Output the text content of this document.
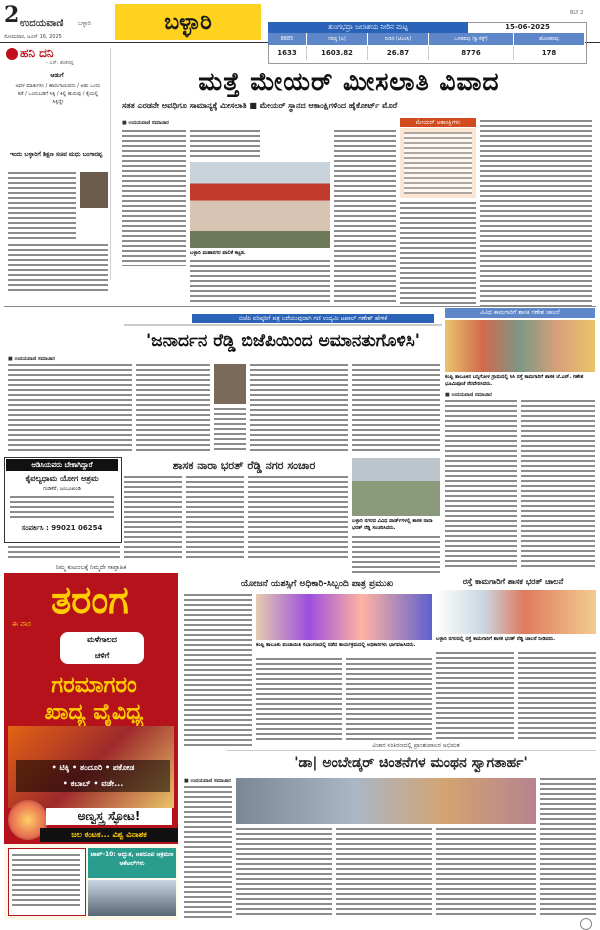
2 ಉದಯವಾಣಿ ಬಳ್ಳಾರಿ
ಸೋಮವಾರ, ಜೂನ್ 16, 2025
ಬಳ್ಳಾರಿ	BLY 2
ತುಂಗಭದ್ರಾ ಜಲಾಶಯ ನೀರಿನ ಮಟ್ಟ	15-06-2025
8885	ಗರಿಷ್ಠ (ಅ)	ನೀರಿನ (ಟಿಎಂಸಿ)	ಒಳಹರಿವು (ಕ್ಯುಸೆಕ್ಸ್)	ಹೊರಹರಿವು
1633	1603.82	26.87	8776	178
ಹನಿ ದನಿ
- ಎನ್. ಶಂಕರಪ್ಪ
ಆಡುಗೆ
ಅವಳ ಮಾತುಗಳು / ಹಾರುಗಾಣುವನು / ಆಡು ಒಂದು ಕಡೆ / ಒಂದುಬಡಿಗೆ ಸಿಕ್ಕಿ / ಕಿಲ್ಲಿ ಹುರುವು / ಕೈಯಲ್ಲಿ ಸಿಕ್ಕಿದ್ದೇ
ಇಂದು ಬಳ್ಳಾರಿಗೆ ಶಿಕ್ಷಣ ಸಚಿವ ಮಧು ಬಂಗಾರಪ್ಪ
ಮತ್ತೆ ಮೇಯರ್ ಮೀಸಲಾತಿ ವಿವಾದ
ಸತತ ಎರಡನೇ ಅವಧಿಗೂ ಸಾಮಾನ್ಯಕ್ಕೆ ಮೀಸಲಾತಿ ■ ಮೇಯರ್ ಸ್ಥಾನದ ಆಕಾಂಕ್ಷಿಗಳಿಂದ ಹೈಕೋರ್ಟ್ ಮೊರೆ
■ ಉದಯವಾಣಿ ಸಮಾಚಾರ
ಬಳ್ಳಾರಿ ಮಹಾನಗರ ಪಾಲಿಕೆ ಕಟ್ಟಡ.
ಮೇಯರ್ ಆಕಾಂಕ್ಷಿಗಳು
ಬಿಜೆಪಿ ವರಿಷ್ಠರಿಗೆ ಪತ್ರ ಬರೆಯುವುದಾಗಿ ಗಣಿ ಉದ್ಯಮಿ ಟಪಾಲ್ ಗಣೇಶ್ ಹೇಳಿಕೆ
'ಜನಾರ್ದನ ರೆಡ್ಡಿ ಬಿಜೆಪಿಯಿಂದ ಅಮಾನತುಗೊಳಿಸಿ'
■ ಉದಯವಾಣಿ ಸಮಾಚಾರ
ವಿವಿಧ ಕಾಮಗಾರಿಗೆ ಶಾಸಕ ಗಣೇಶ ಚಾಲನೆ
ಕಂಪ್ಲಿ ತಾಲೂಕಿನ ಬನ್ನಿಗೋಳ ಗ್ರಾಮದಲ್ಲಿ ಸಿಸಿ ರಸ್ತೆ ಕಾಮಗಾರಿಗೆ ಶಾಸಕ ಜೆ.ಎನ್. ಗಣೇಶ ಭೂಮಿಪೂಜೆ ನೆರವೇರಿಸಿದರು.
■ ಉದಯವಾಣಿ ಸಮಾಚಾರ
ಆಡಿಸಿಯವರು ಬೇಕಾಗಿದ್ದಾರೆ
ಕೈವಲ್ಯಧಾಮ ಯೋಗ ಆಶ್ರಮ
ಗಂಡಿಕೆರೆ, ಜಂಬೂಖಂಡಿ
ಸಂಪರ್ಕಿಸಿ : 99021 06254
ಶಾಸಕ ನಾರಾ ಭರತ್ ರೆಡ್ಡಿ ನಗರ ಸಂಚಾರ
ಬಳ್ಳಾರಿ ನಗರದ ವಿವಿಧ ವಾರ್ಡ್‌ಗಳಲ್ಲಿ ಶಾಸಕ ನಾರಾ ಭರತ್ ರೆಡ್ಡಿ ಸಂಚರಿಸಿದರು.
ಯೋಜನೆ ಯಶಸ್ಸಿಗೆ ಅಧಿಕಾರಿ-ಸಿಬ್ಬಂದಿ ಪಾತ್ರ ಪ್ರಮುಖ
ಕಂಪ್ಲಿ ತಾಲೂಕು ಪಂಚಾಯಿತಿ ಸಭಾಂಗಣದಲ್ಲಿ ನಡೆದ ಕಾರ್ಯಕ್ರಮದಲ್ಲಿ ಅಧಿಕಾರಿಗಳು ಭಾಗವಹಿಸಿದರು.
ರಸ್ತೆ ಕಾಮಗಾರಿಗೆ ಶಾಸಕ ಭರತ್ ಚಾಲನೆ
ಬಳ್ಳಾರಿ ನಗರದಲ್ಲಿ ರಸ್ತೆ ಕಾಮಗಾರಿಗೆ ಶಾಸಕ ಭರತ್ ರೆಡ್ಡಿ ಚಾಲನೆ ನೀಡಿದರು.
ವಿಚಾರ ಸಂಕಿರಣದಲ್ಲಿ ಪ್ರಾಂಶುಪಾಲರ ಅಭಿಮತ
'ಡಾ| ಅಂಬೇಡ್ಕರ್ ಚಿಂತನೆಗಳ ಮಂಥನ ಸ್ವಾಗತಾರ್ಹ'
■ ಉದಯವಾಣಿ ಸಮಾಚಾರ
ನಿಮ್ಮ ಕುಟುಂಬಕ್ಕೆ ನಿಮ್ಮದೇ ಸಾಪ್ತಾಹಿಕ
ತರಂಗ
ಈ ವಾರ
ಮಳೆಗಾಲದ
ಚಳಿಗೆ
ಗರಮಾಗರಂ
ಖಾದ್ಯ ವೈವಿಧ್ಯ
• ಟಿಕ್ಕಿ • ತಂದೂರಿ • ಪಕೋಡ
• ಕಬಾಬ್ • ವಡೇ...
ಅಣ್ವಸ್ತ್ರ ಸ್ಫೋಟ!
ಜಲ ಕಂಟಕ... ವಿಶ್ವ ವಿನಾಶಕ
ಟಾಪ್-10: ಅದ್ಭುತ, ಅಪರೂಪ ಆಕ್ರಮಣ ಅಕೆಟಲ್‌ಗಳು
